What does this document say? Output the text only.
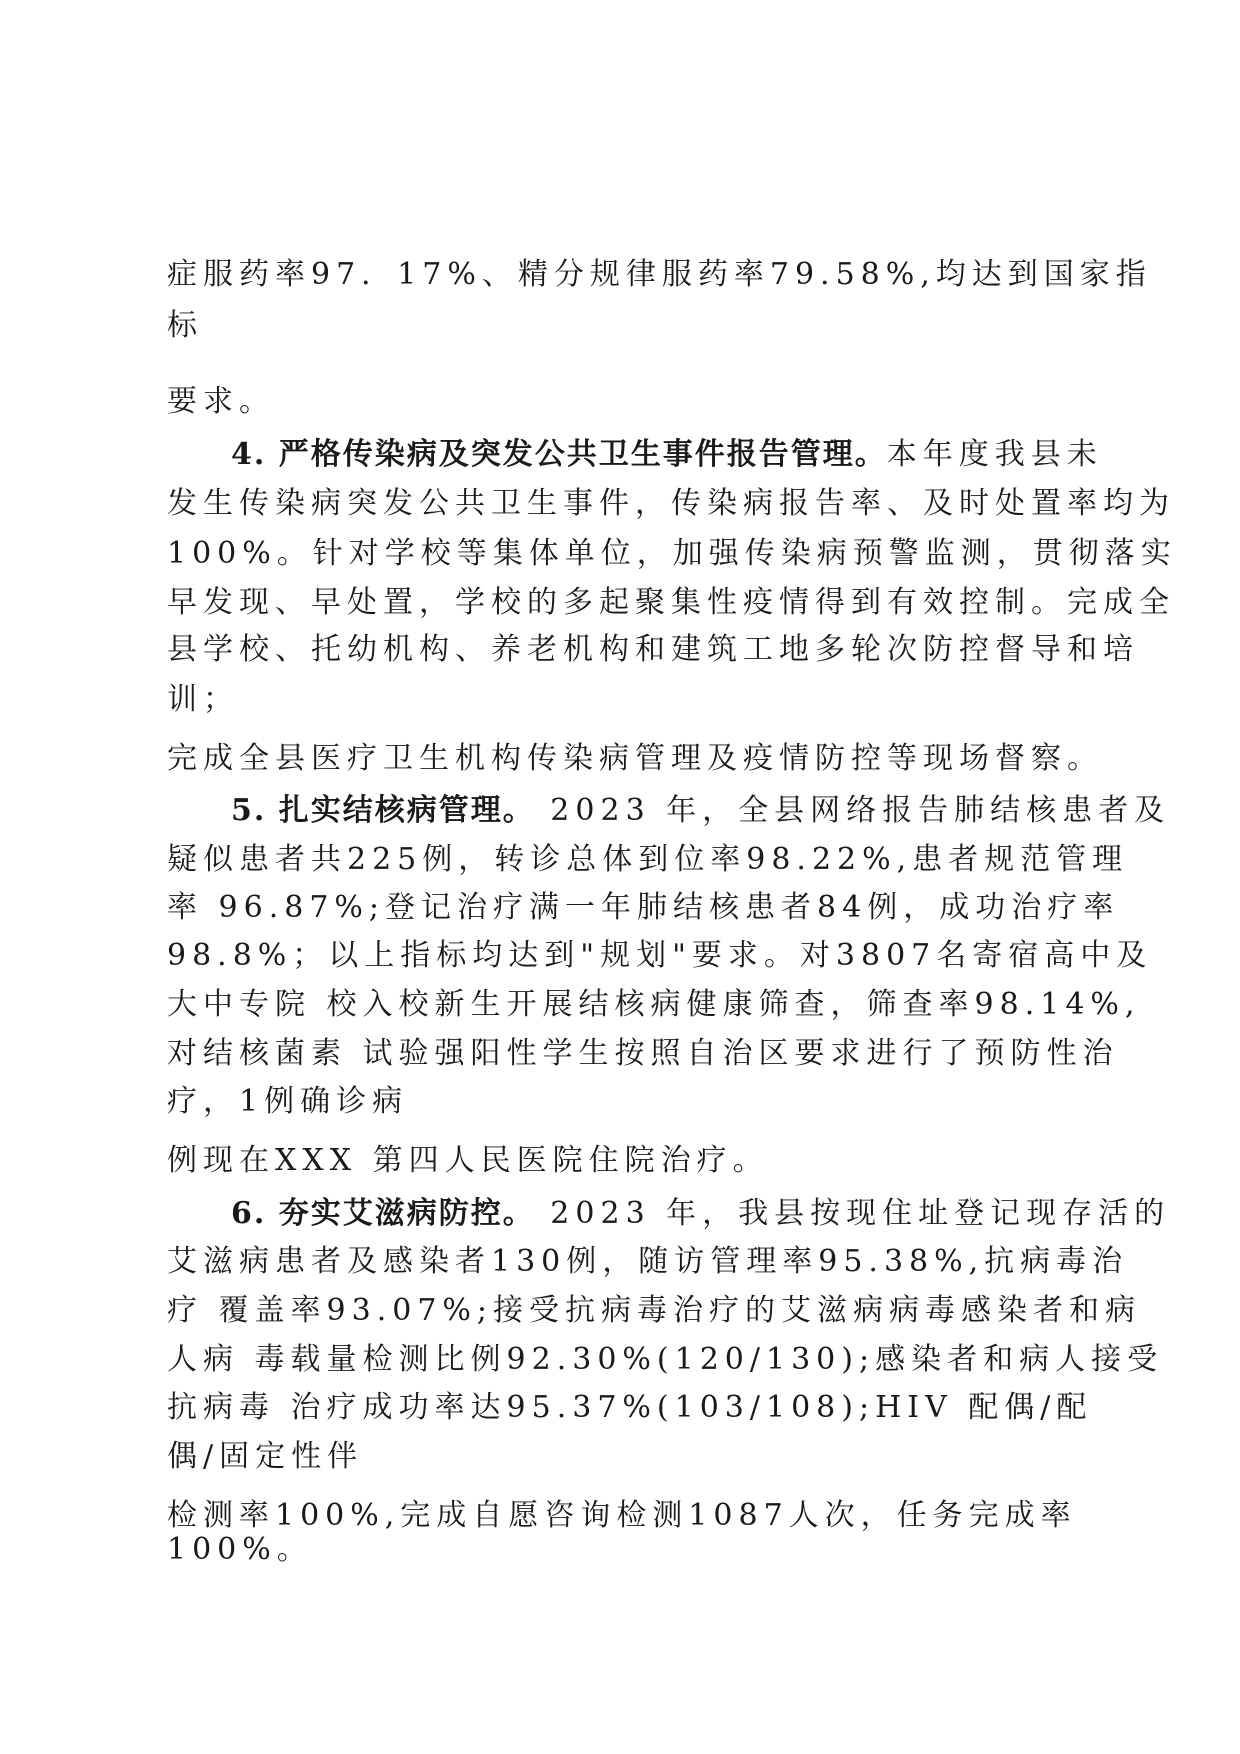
症服药率97．17%、精分规律服药率79.58%,均达到国家指
标
要求。
4. 严格传染病及突发公共卫生事件报告管理。本年度我县未
发生传染病突发公共卫生事件，传染病报告率、及时处置率均为
100%。针对学校等集体单位，加强传染病预警监测，贯彻落实
早发现、早处置，学校的多起聚集性疫情得到有效控制。完成全
县学校、托幼机构、养老机构和建筑工地多轮次防控督导和培
训；
完成全县医疗卫生机构传染病管理及疫情防控等现场督察。
5. 扎实结核病管理。 2023 年，全县网络报告肺结核患者及
疑似患者共225例，转诊总体到位率98.22%,患者规范管理
率 96.87%;登记治疗满一年肺结核患者84例，成功治疗率
98.8%；以上指标均达到"规划"要求。对3807名寄宿高中及
大中专院 校入校新生开展结核病健康筛查，筛查率98.14%,
对结核菌素 试验强阳性学生按照自治区要求进行了预防性治
疗，1例确诊病
例现在XXX 第四人民医院住院治疗。
6. 夯实艾滋病防控。 2023 年，我县按现住址登记现存活的
艾滋病患者及感染者130例，随访管理率95.38%,抗病毒治
疗 覆盖率93.07%;接受抗病毒治疗的艾滋病病毒感染者和病
人病 毒载量检测比例92.30%(120/130);感染者和病人接受
抗病毒 治疗成功率达95.37%(103/108);HIV 配偶/配
偶/固定性伴
检测率100%,完成自愿咨询检测1087人次，任务完成率
100%。
